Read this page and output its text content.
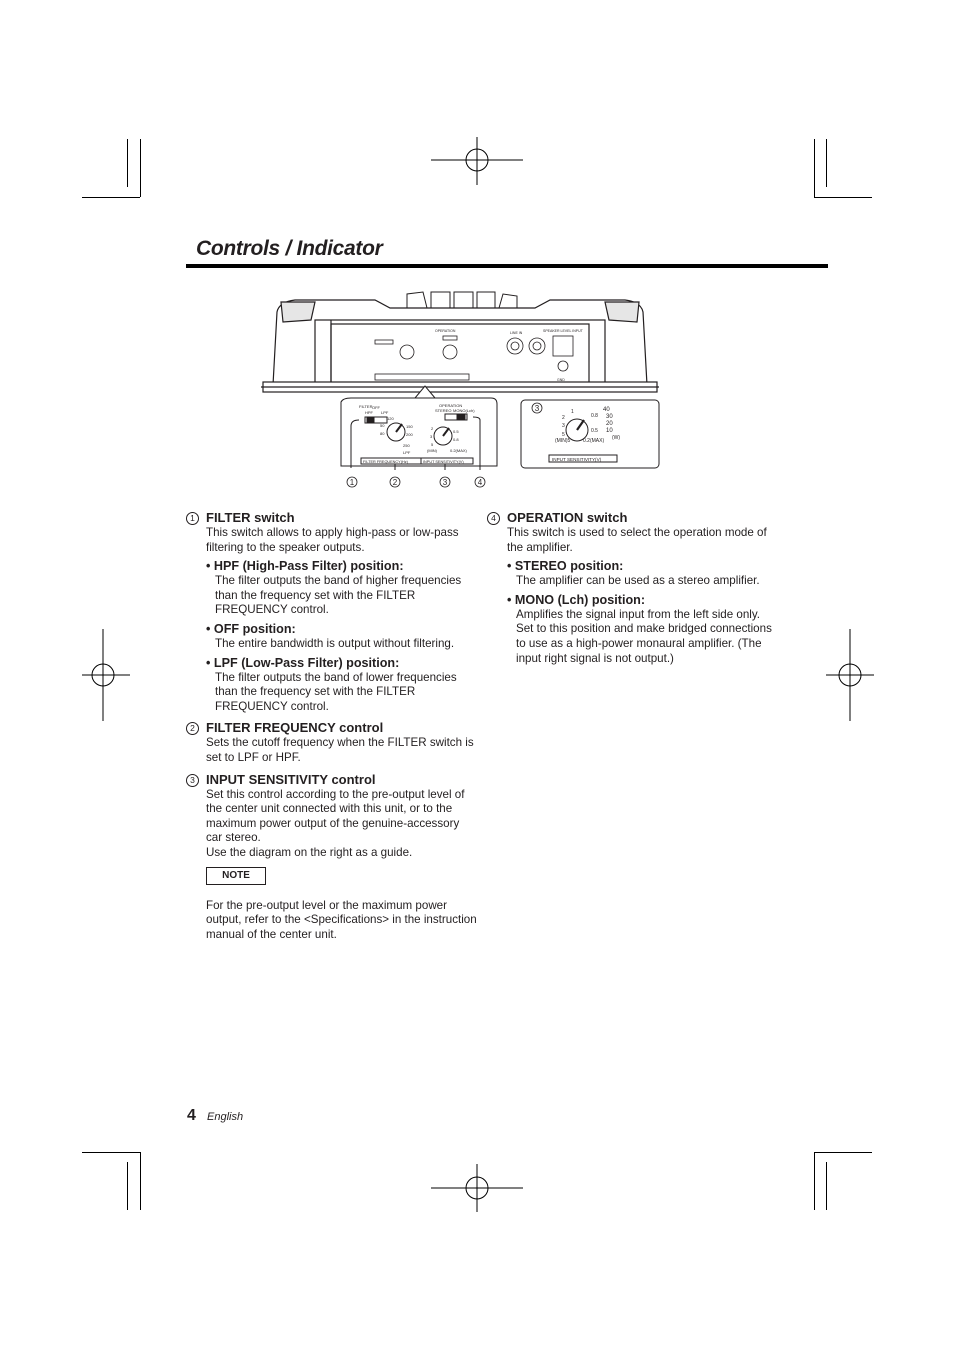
Controls / Indicator
OPERATION	LINE IN	SPEAKER LEVEL INPUT
GND
FILTER
HPF
OFF
LPF
OPERATION
STEREO MONO(Lch)
50
80
120
150
200
250
LPF
2
3
5
0.5
0.8
(MIN)	0.2(MAX)
FILTER FREQUENCY(Hz)	INPUT SENSITIVITY(V)
1
2
3
5
0.8
0.5
40
30
20
10
(W)
(MIN)5	0.2(MAX)
INPUT SENSITIVITY(V)
1	2	3	4
3
1 FILTER switch
This switch allows to apply high-pass or low-pass filtering to the speaker outputs.
• HPF (High-Pass Filter) position:
The filter outputs the band of higher frequencies than the frequency set with the FILTER FREQUENCY control.
• OFF position:
The entire bandwidth is output without filtering.
• LPF (Low-Pass Filter) position:
The filter outputs the band of lower frequencies than the frequency set with the FILTER FREQUENCY control.
2 FILTER FREQUENCY control
Sets the cutoff frequency when the FILTER switch is set to LPF or HPF.
3 INPUT SENSITIVITY control
Set this control according to the pre-output level of the center unit connected with this unit, or to the maximum power output of the genuine-accessory car stereo.
Use the diagram on the right as a guide.
NOTE
For the pre-output level or the maximum power output, refer to the <Specifications> in the instruction manual of the center unit.
4 OPERATION switch
This switch is used to select the operation mode of the amplifier.
• STEREO position:
The amplifier can be used as a stereo amplifier.
• MONO (Lch) position:
Amplifies the signal input from the left side only. Set to this position and make bridged connections to use as a high-power monaural amplifier. (The input right signal is not output.)
4 English
